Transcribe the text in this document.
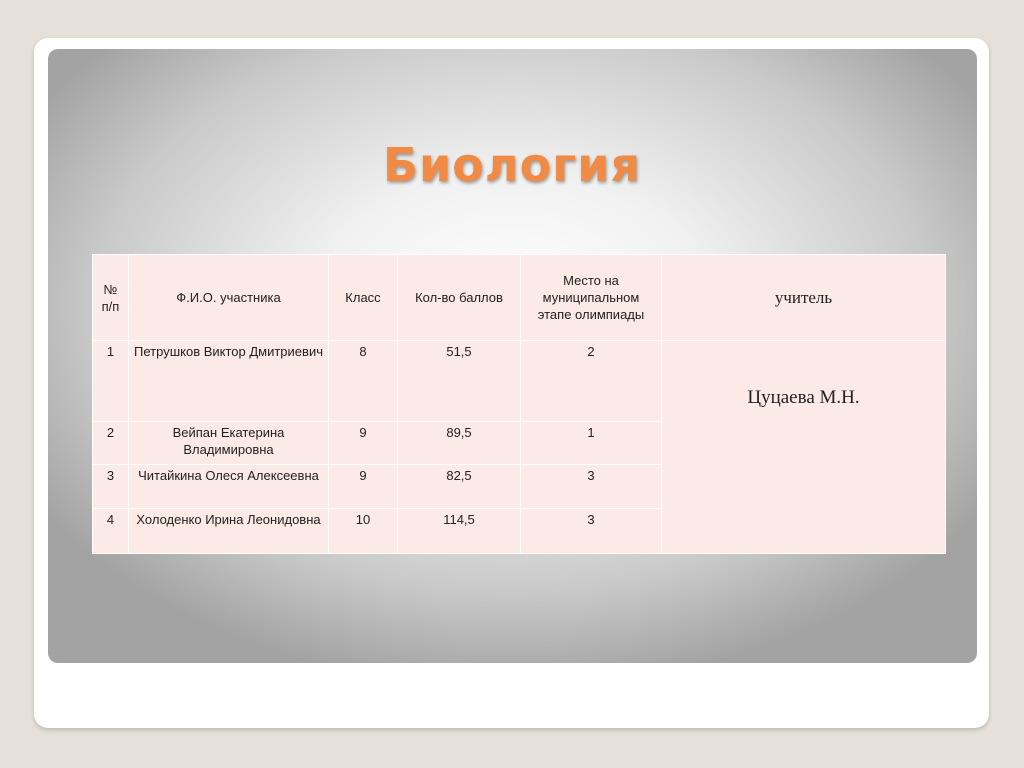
Биология
№ п/п	Ф.И.О. участника	Класс	Кол-во баллов	Место на муниципальном этапе олимпиады	учитель
1	Петрушков Виктор Дмитриевич	8	51,5	2	Цуцаева М.Н.
2	Вейпан Екатерина Владимировна	9	89,5	1	
3	Читайкина Олеся Алексеевна	9	82,5	3	
4	Холоденко Ирина Леонидовна	10	114,5	3	
